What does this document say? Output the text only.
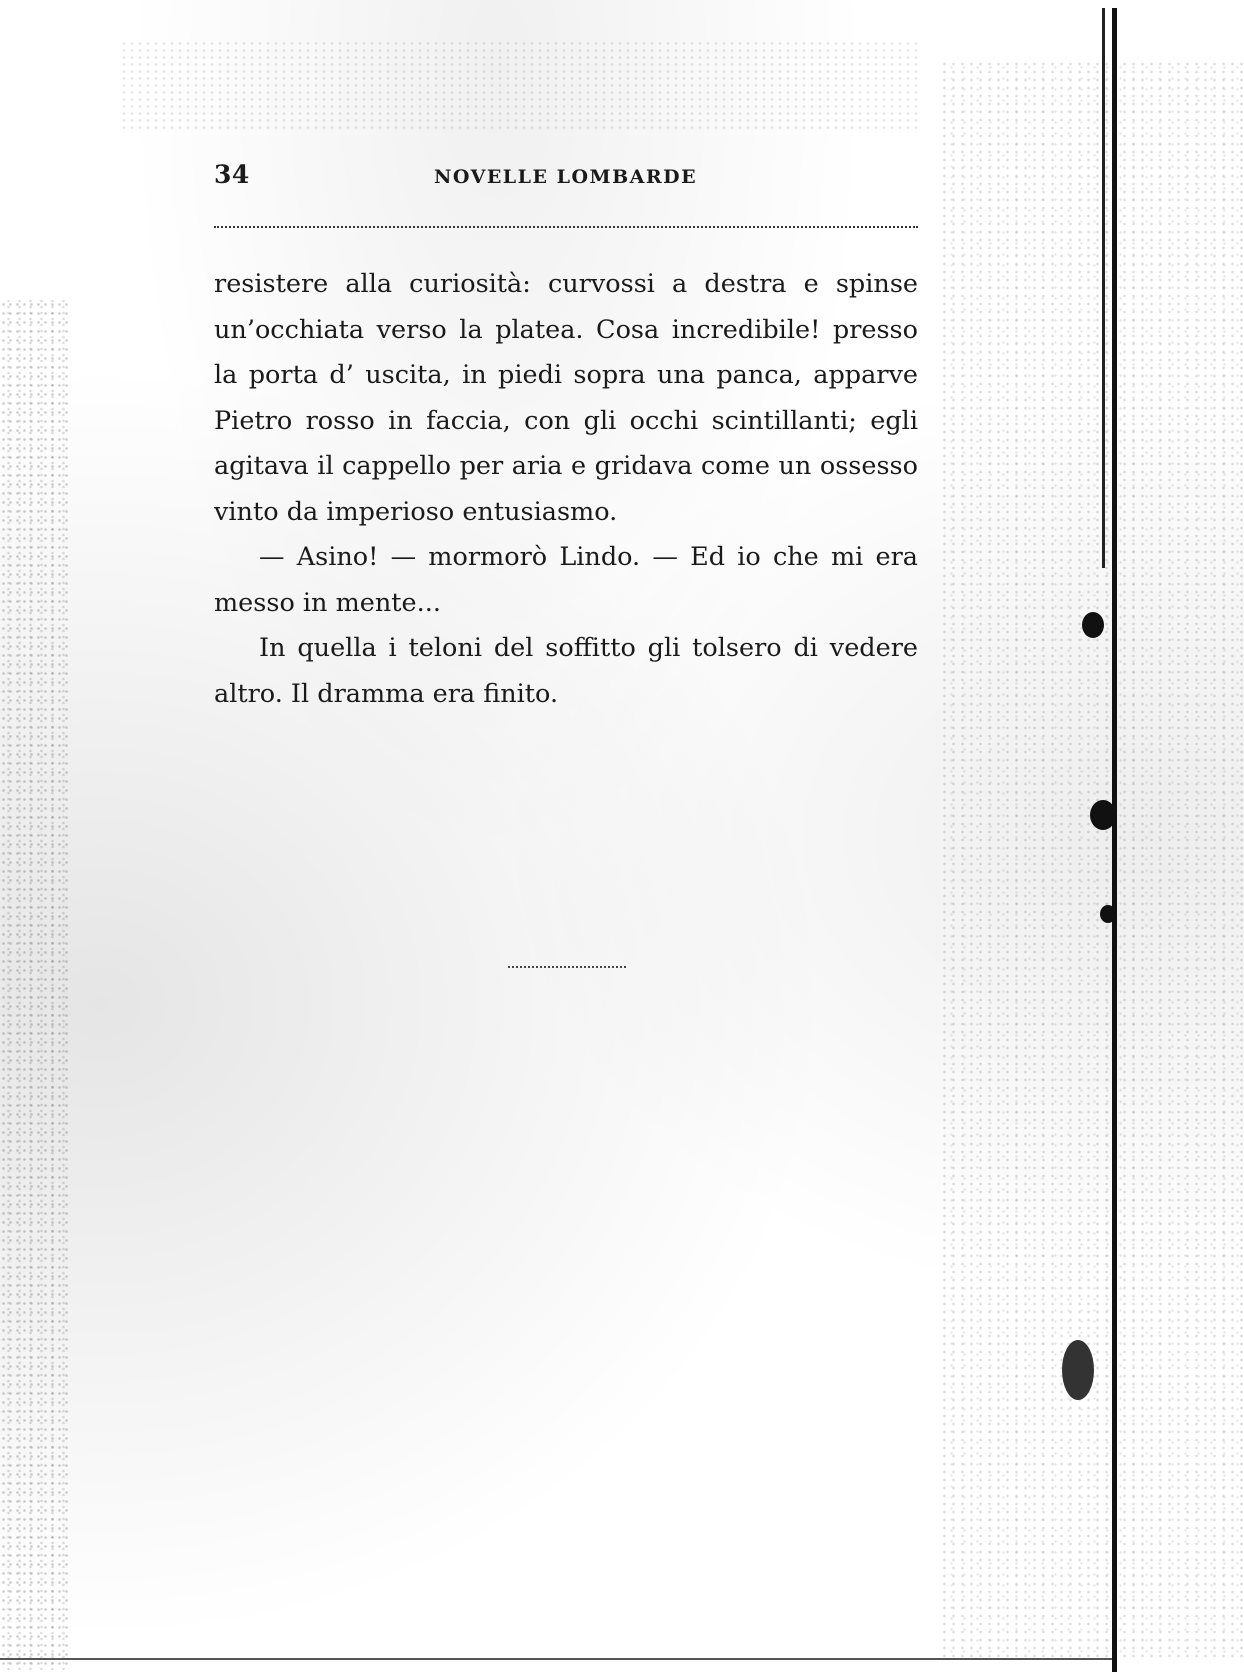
34	NOVELLE LOMBARDE

resistere alla curiosità: curvossi a destra e spinse un’occhiata verso la platea. Cosa incredibile! presso la porta d’ uscita, in piedi sopra una panca, apparve Pietro rosso in faccia, con gli occhi scintillanti; egli agitava il cappello per aria e gridava come un ossesso vinto da imperioso entusiasmo.

— Asino! — mormorò Lindo. — Ed io che mi era messo in mente...

In quella i teloni del soffitto gli tolsero di vedere altro. Il dramma era finito.
